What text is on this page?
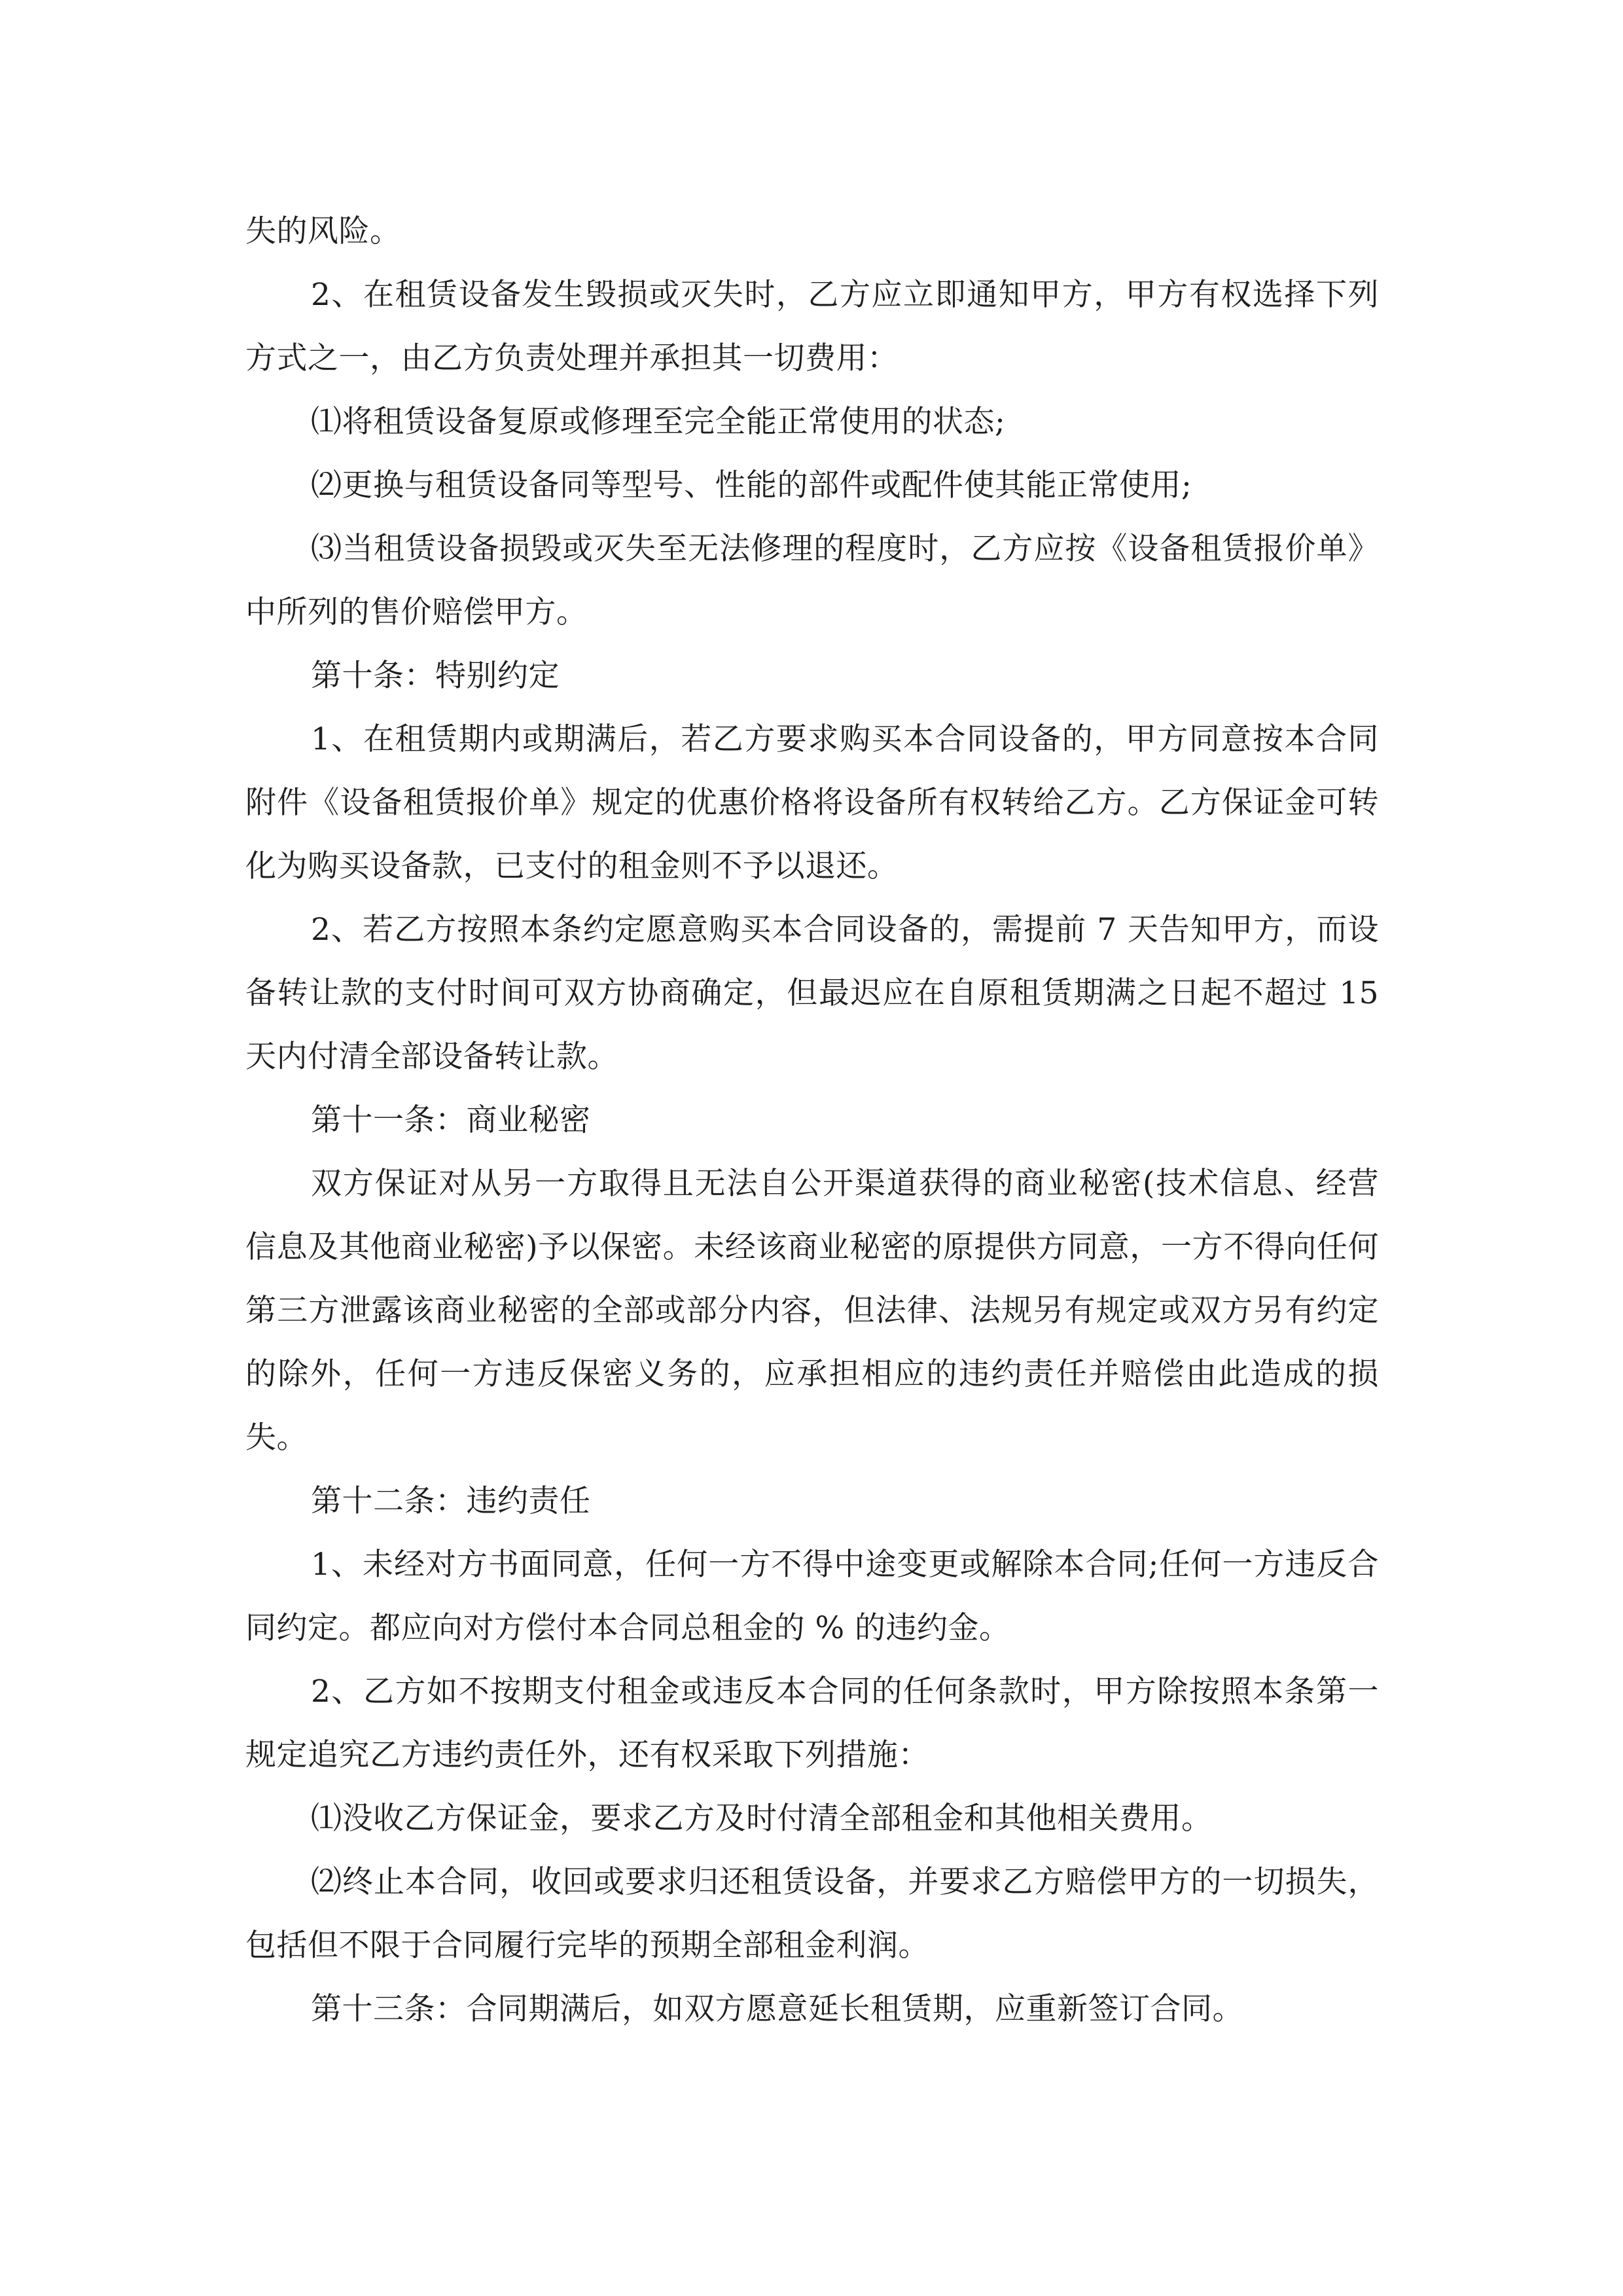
失的风险。

2、在租赁设备发生毁损或灭失时，乙方应立即通知甲方，甲方有权选择下列方式之一，由乙方负责处理并承担其一切费用：

⑴将租赁设备复原或修理至完全能正常使用的状态;

⑵更换与租赁设备同等型号、性能的部件或配件使其能正常使用;

⑶当租赁设备损毁或灭失至无法修理的程度时，乙方应按《设备租赁报价单》中所列的售价赔偿甲方。

第十条：特别约定

1、在租赁期内或期满后，若乙方要求购买本合同设备的，甲方同意按本合同附件《设备租赁报价单》规定的优惠价格将设备所有权转给乙方。乙方保证金可转化为购买设备款，已支付的租金则不予以退还。

2、若乙方按照本条约定愿意购买本合同设备的，需提前 7 天告知甲方，而设备转让款的支付时间可双方协商确定，但最迟应在自原租赁期满之日起不超过 15 天内付清全部设备转让款。

第十一条：商业秘密

双方保证对从另一方取得且无法自公开渠道获得的商业秘密(技术信息、经营信息及其他商业秘密)予以保密。未经该商业秘密的原提供方同意，一方不得向任何第三方泄露该商业秘密的全部或部分内容，但法律、法规另有规定或双方另有约定的除外，任何一方违反保密义务的，应承担相应的违约责任并赔偿由此造成的损失。

第十二条：违约责任

1、未经对方书面同意，任何一方不得中途变更或解除本合同;任何一方违反合同约定。都应向对方偿付本合同总租金的 % 的违约金。

2、乙方如不按期支付租金或违反本合同的任何条款时，甲方除按照本条第一规定追究乙方违约责任外，还有权采取下列措施：

⑴没收乙方保证金，要求乙方及时付清全部租金和其他相关费用。

⑵终止本合同，收回或要求归还租赁设备，并要求乙方赔偿甲方的一切损失，包括但不限于合同履行完毕的预期全部租金利润。

第十三条：合同期满后，如双方愿意延长租赁期，应重新签订合同。
